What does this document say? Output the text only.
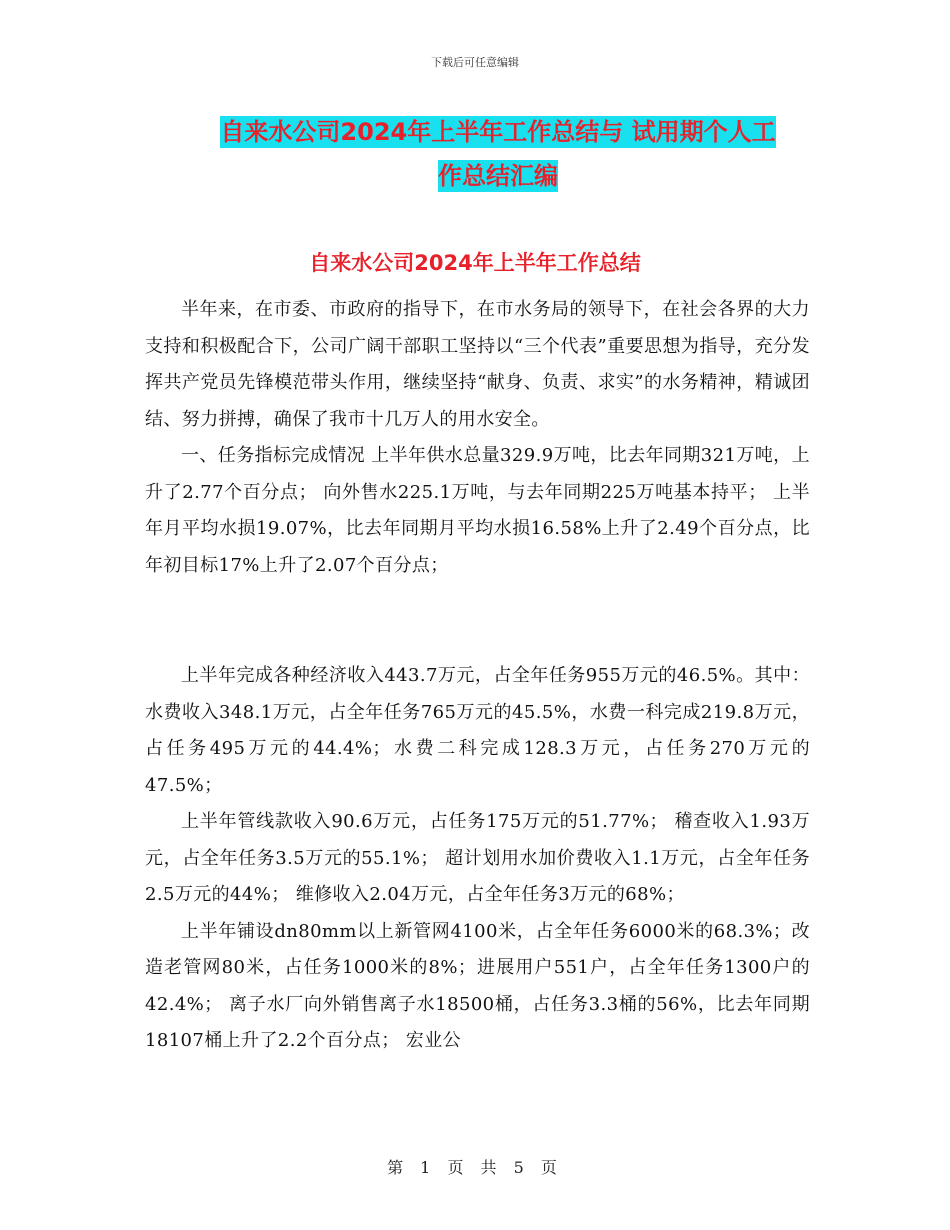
下载后可任意编辑
自来水公司2024年上半年工作总结与 试用期个人工
作总结汇编
自来水公司2024年上半年工作总结

半年来，在市委、市政府的指导下，在市水务局的领导下，在社会各界的大力支持和积极配合下，公司广阔干部职工坚持以“三个代表”重要思想为指导，充分发挥共产党员先锋模范带头作用，继续坚持“献身、负责、求实”的水务精神，精诚团结、努力拼搏，确保了我市十几万人的用水安全。

一、任务指标完成情况 上半年供水总量329.9万吨，比去年同期321万吨，上升了2.77个百分点； 向外售水225.1万吨，与去年同期225万吨基本持平； 上半年月平均水损19.07%，比去年同期月平均水损16.58%上升了2.49个百分点，比年初目标17%上升了2.07个百分点；

上半年完成各种经济收入443.7万元，占全年任务955万元的46.5%。其中： 水费收入348.1万元，占全年任务765万元的45.5%，水费一科完成219.8万元，占任务495万元的44.4%；水费二科完成128.3万元，占任务270万元的47.5%；

上半年管线款收入90.6万元，占任务175万元的51.77%； 稽查收入1.93万元，占全年任务3.5万元的55.1%； 超计划用水加价费收入1.1万元，占全年任务2.5万元的44%； 维修收入2.04万元，占全年任务3万元的68%；

上半年铺设dn80mm以上新管网4100米，占全年任务6000米的68.3%；改造老管网80米，占任务1000米的8%；进展用户551户，占全年任务1300户的42.4%； 离子水厂向外销售离子水18500桶，占任务3.3桶的56%，比去年同期18107桶上升了2.2个百分点； 宏业公

第 1 页 共 5 页
